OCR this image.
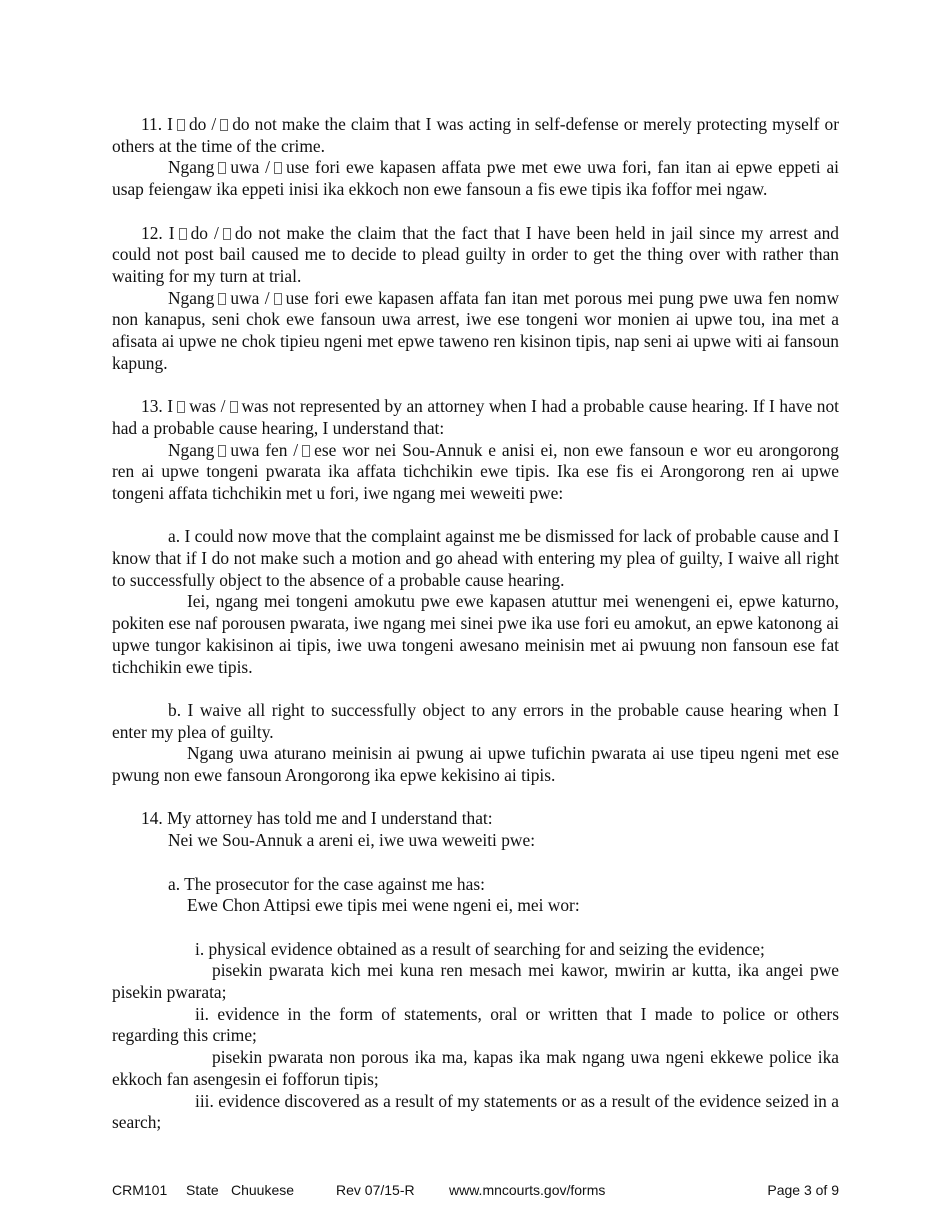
11. I do / do not make the claim that I was acting in self-defense or merely protecting myself or others at the time of the crime.

Ngang uwa / use fori ewe kapasen affata pwe met ewe uwa fori, fan itan ai epwe eppeti ai usap feiengaw ika eppeti inisi ika ekkoch non ewe fansoun a fis ewe tipis ika foffor mei ngaw.

12. I do / do not make the claim that the fact that I have been held in jail since my arrest and could not post bail caused me to decide to plead guilty in order to get the thing over with rather than waiting for my turn at trial.

Ngang uwa / use fori ewe kapasen affata fan itan met porous mei pung pwe uwa fen nomw non kanapus, seni chok ewe fansoun uwa arrest, iwe ese tongeni wor monien ai upwe tou, ina met a afisata ai upwe ne chok tipieu ngeni met epwe taweno ren kisinon tipis, nap seni ai upwe witi ai fansoun kapung.

13. I was / was not represented by an attorney when I had a probable cause hearing. If I have not had a probable cause hearing, I understand that:

Ngang uwa fen / ese wor nei Sou-Annuk e anisi ei, non ewe fansoun e wor eu arongorong ren ai upwe tongeni pwarata ika affata tichchikin ewe tipis. Ika ese fis ei Arongorong ren ai upwe tongeni affata tichchikin met u fori, iwe ngang mei weweiti pwe:

a. I could now move that the complaint against me be dismissed for lack of probable cause and I know that if I do not make such a motion and go ahead with entering my plea of guilty, I waive all right to successfully object to the absence of a probable cause hearing.

Iei, ngang mei tongeni amokutu pwe ewe kapasen atuttur mei wenengeni ei, epwe katurno, pokiten ese naf porousen pwarata, iwe ngang mei sinei pwe ika use fori eu amokut, an epwe katonong ai upwe tungor kakisinon ai tipis, iwe uwa tongeni awesano meinisin met ai pwuung non fansoun ese fat tichchikin ewe tipis.

b. I waive all right to successfully object to any errors in the probable cause hearing when I enter my plea of guilty.

Ngang uwa aturano meinisin ai pwung ai upwe tufichin pwarata ai use tipeu ngeni met ese pwung non ewe fansoun Arongorong ika epwe kekisino ai tipis.

14. My attorney has told me and I understand that:

Nei we Sou-Annuk a areni ei, iwe uwa weweiti pwe:

a. The prosecutor for the case against me has:

Ewe Chon Attipsi ewe tipis mei wene ngeni ei, mei wor:

i. physical evidence obtained as a result of searching for and seizing the evidence;

pisekin pwarata kich mei kuna ren mesach mei kawor, mwirin ar kutta, ika angei pwe pisekin pwarata;

ii. evidence in the form of statements, oral or written that I made to police or others regarding this crime;

pisekin pwarata non porous ika ma, kapas ika mak ngang uwa ngeni ekkewe police ika ekkoch fan asengesin ei fofforun tipis;

iii. evidence discovered as a result of my statements or as a result of the evidence seized in a search;

CRM101 State Chuukese	Rev 07/15-R www.mncourts.gov/forms	Page 3 of 9
